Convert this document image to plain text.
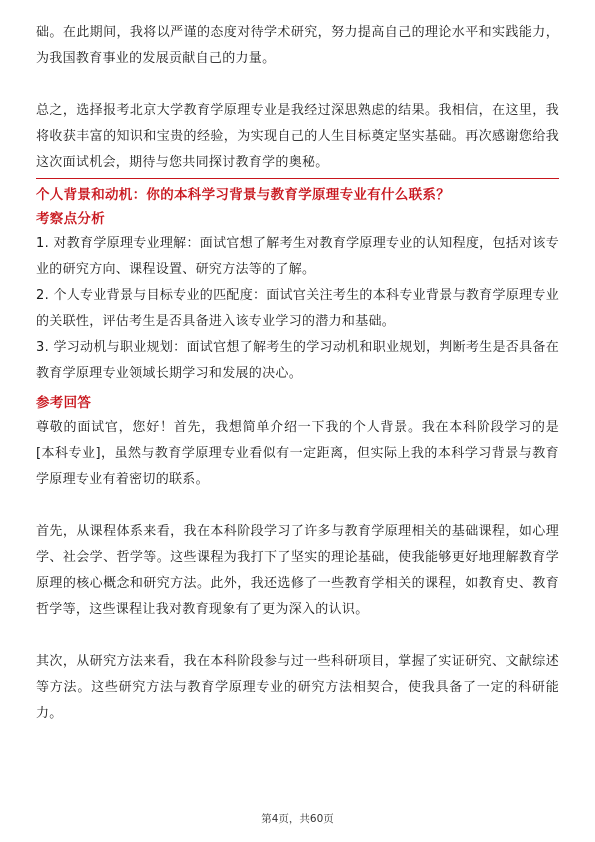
础。在此期间，我将以严谨的态度对待学术研究，努力提高自己的理论水平和实践能力，为我国教育事业的发展贡献自己的力量。

总之，选择报考北京大学教育学原理专业是我经过深思熟虑的结果。我相信，在这里，我将收获丰富的知识和宝贵的经验，为实现自己的人生目标奠定坚实基础。再次感谢您给我这次面试机会，期待与您共同探讨教育学的奥秘。

个人背景和动机：你的本科学习背景与教育学原理专业有什么联系？
考察点分析

1. 对教育学原理专业理解：面试官想了解考生对教育学原理专业的认知程度，包括对该专业的研究方向、课程设置、研究方法等的了解。

2. 个人专业背景与目标专业的匹配度：面试官关注考生的本科专业背景与教育学原理专业的关联性，评估考生是否具备进入该专业学习的潜力和基础。

3. 学习动机与职业规划：面试官想了解考生的学习动机和职业规划，判断考生是否具备在教育学原理专业领域长期学习和发展的决心。

参考回答

尊敬的面试官，您好！首先，我想简单介绍一下我的个人背景。我在本科阶段学习的是[本科专业]，虽然与教育学原理专业看似有一定距离，但实际上我的本科学习背景与教育学原理专业有着密切的联系。

首先，从课程体系来看，我在本科阶段学习了许多与教育学原理相关的基础课程，如心理学、社会学、哲学等。这些课程为我打下了坚实的理论基础，使我能够更好地理解教育学原理的核心概念和研究方法。此外，我还选修了一些教育学相关的课程，如教育史、教育哲学等，这些课程让我对教育现象有了更为深入的认识。

其次，从研究方法来看，我在本科阶段参与过一些科研项目，掌握了实证研究、文献综述等方法。这些研究方法与教育学原理专业的研究方法相契合，使我具备了一定的科研能力。

第4页，共60页
